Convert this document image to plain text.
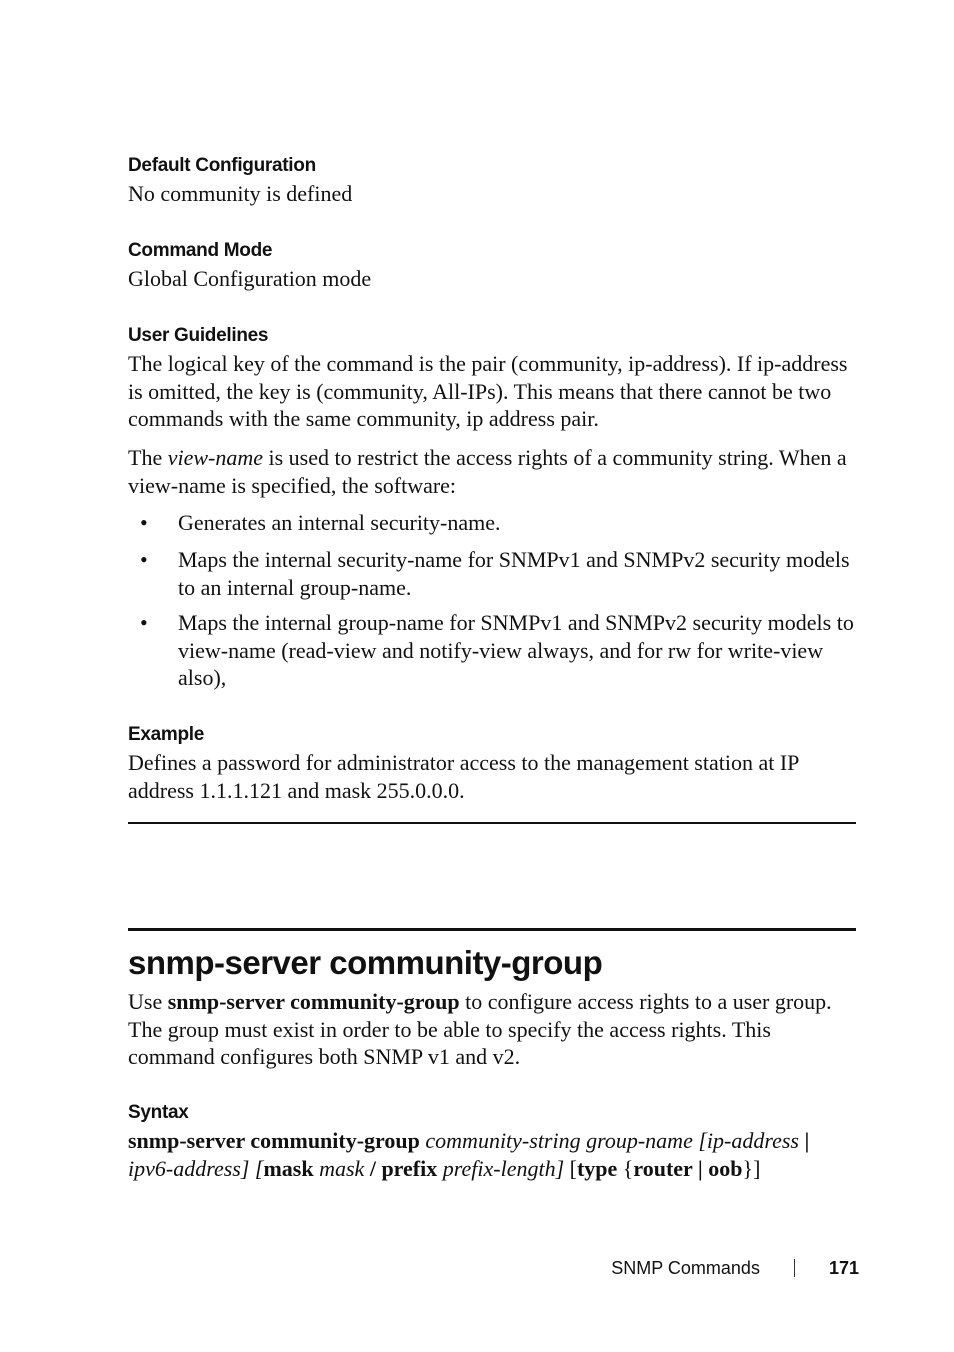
Default Configuration

No community is defined

Command Mode

Global Configuration mode

User Guidelines

The logical key of the command is the pair (community, ip-address). If ip-address is omitted, the key is (community, All-IPs). This means that there cannot be two commands with the same community, ip address pair.

The view-name is used to restrict the access rights of a community string. When a view-name is specified, the software:

• Generates an internal security-name.
• Maps the internal security-name for SNMPv1 and SNMPv2 security models to an internal group-name.
• Maps the internal group-name for SNMPv1 and SNMPv2 security models to view-name (read-view and notify-view always, and for rw for write-view also),
Example

Defines a password for administrator access to the management station at IP address 1.1.1.121 and mask 255.0.0.0.

snmp-server community-group

Use snmp-server community-group to configure access rights to a user group. The group must exist in order to be able to specify the access rights. This command configures both SNMP v1 and v2.

Syntax

snmp-server community-group community-string group-name [ip-address | ipv6-address] [mask mask / prefix prefix-length] [type {router | oob}]

SNMP Commands	171
